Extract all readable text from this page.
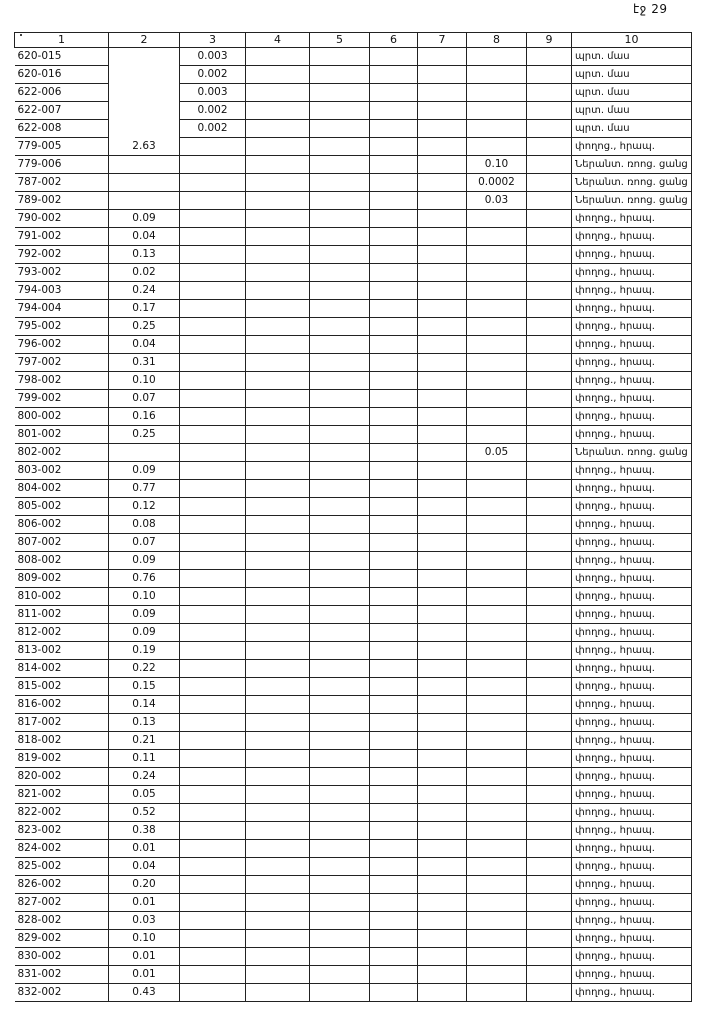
էջ 29
1	2	3	4	5	6	7	8	9	10
620-015		0.003							պրտ. մաս
620-016		0.002							պրտ. մաս
622-006		0.003							պրտ. մաս
622-007		0.002							պրտ. մաս
622-008		0.002							պրտ. մաս
779-005	2.63								փողոց., հրապ.
779-006							0.10		Ներանտ. ռոոց. ցանց
787-002							0.0002		Ներանտ. ռոոց. ցանց
789-002							0.03		Ներանտ. ռոոց. ցանց
790-002	0.09								փողոց., հրապ.
791-002	0.04								փողոց., հրապ.
792-002	0.13								փողոց., հրապ.
793-002	0.02								փողոց., հրապ.
794-003	0.24								փողոց., հրապ.
794-004	0.17								փողոց., հրապ.
795-002	0.25								փողոց., հրապ.
796-002	0.04								փողոց., հրապ.
797-002	0.31								փողոց., հրապ.
798-002	0.10								փողոց., հրապ.
799-002	0.07								փողոց., հրապ.
800-002	0.16								փողոց., հրապ.
801-002	0.25								փողոց., հրապ.
802-002							0.05		Ներանտ. ռոոց. ցանց
803-002	0.09								փողոց., հրապ.
804-002	0.77								փողոց., հրապ.
805-002	0.12								փողոց., հրապ.
806-002	0.08								փողոց., հրապ.
807-002	0.07								փողոց., հրապ.
808-002	0.09								փողոց., հրապ.
809-002	0.76								փողոց., հրապ.
810-002	0.10								փողոց., հրապ.
811-002	0.09								փողոց., հրապ.
812-002	0.09								փողոց., հրապ.
813-002	0.19								փողոց., հրապ.
814-002	0.22								փողոց., հրապ.
815-002	0.15								փողոց., հրապ.
816-002	0.14								փողոց., հրապ.
817-002	0.13								փողոց., հրապ.
818-002	0.21								փողոց., հրապ.
819-002	0.11								փողոց., հրապ.
820-002	0.24								փողոց., հրապ.
821-002	0.05								փողոց., հրապ.
822-002	0.52								փողոց., հրապ.
823-002	0.38								փողոց., հրապ.
824-002	0.01								փողոց., հրապ.
825-002	0.04								փողոց., հրապ.
826-002	0.20								փողոց., հրապ.
827-002	0.01								փողոց., հրապ.
828-002	0.03								փողոց., հրապ.
829-002	0.10								փողոց., հրապ.
830-002	0.01								փողոց., հրապ.
831-002	0.01								փողոց., հրապ.
832-002	0.43								փողոց., հրապ.
